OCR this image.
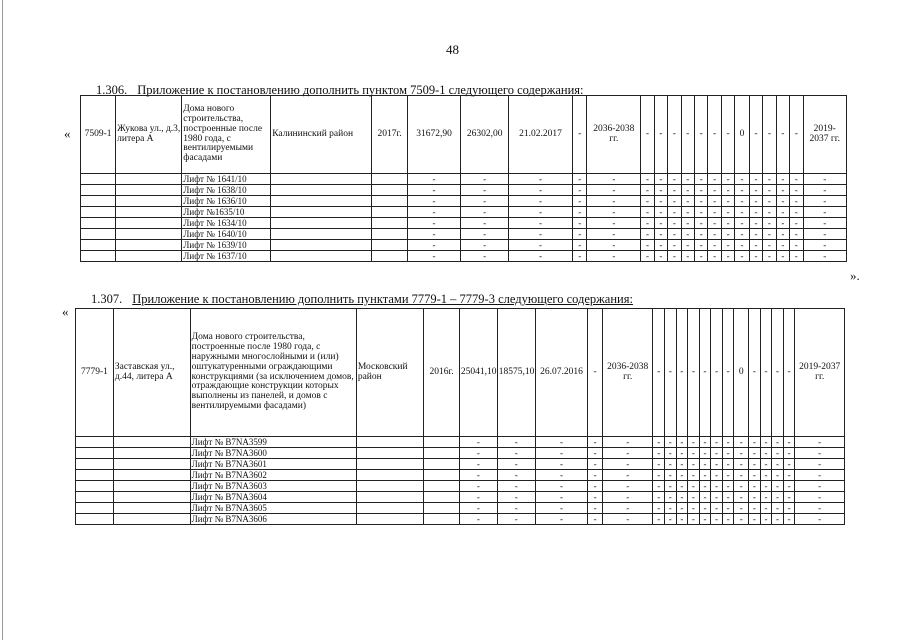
48
1.306. Приложение к постановлению дополнить пунктом 7509-1 следующего содержания:
«
».
7509-1	Жукова ул., д.3, литера А	Дома нового строительства, построенные после 1980 года, с вентилируемыми фасадами	Калининский район	2017г.	31672,90	26302,00	21.02.2017	-	2036-2038 гг.	-	-	-	-	-	-	-	0	-	-	-	-	2019-2037 гг.
		Лифт № 1641/10			-	-	-	-	-	-	-	-	-	-	-	-	-	-	-	-	-	-
		Лифт № 1638/10			-	-	-	-	-	-	-	-	-	-	-	-	-	-	-	-	-	-
		Лифт № 1636/10			-	-	-	-	-	-	-	-	-	-	-	-	-	-	-	-	-	-
		Лифт №1635/10			-	-	-	-	-	-	-	-	-	-	-	-	-	-	-	-	-	-
		Лифт № 1634/10			-	-	-	-	-	-	-	-	-	-	-	-	-	-	-	-	-	-
		Лифт № 1640/10			-	-	-	-	-	-	-	-	-	-	-	-	-	-	-	-	-	-
		Лифт № 1639/10			-	-	-	-	-	-	-	-	-	-	-	-	-	-	-	-	-	-
		Лифт № 1637/10			-	-	-	-	-	-	-	-	-	-	-	-	-	-	-	-	-	-
1.307. Приложение к постановлению дополнить пунктами 7779-1 – 7779-3 следующего содержания:
«
7779-1	Заставская ул., д.44, литера А	Дома нового строительства, построенные после 1980 года, с наружными многослойными и (или) оштукатуренными ограждающими конструкциями (за исключением домов, отраждающие конструкции которых выполнены из панелей, и домов с вентилируемыми фасадами)	Московский район	2016г.	25041,10	18575,10	26.07.2016	-	2036-2038 гг.	-	-	-	-	-	-	-	0	-	-	-	-	2019-2037 гг.
		Лифт № B7NA3599			-	-	-	-	-	-	-	-	-	-	-	-	-	-	-	-	-	-
		Лифт № B7NA3600			-	-	-	-	-	-	-	-	-	-	-	-	-	-	-	-	-	-
		Лифт № B7NA3601			-	-	-	-	-	-	-	-	-	-	-	-	-	-	-	-	-	-
		Лифт № B7NA3602			-	-	-	-	-	-	-	-	-	-	-	-	-	-	-	-	-	-
		Лифт № B7NA3603			-	-	-	-	-	-	-	-	-	-	-	-	-	-	-	-	-	-
		Лифт № B7NA3604			-	-	-	-	-	-	-	-	-	-	-	-	-	-	-	-	-	-
		Лифт № B7NA3605			-	-	-	-	-	-	-	-	-	-	-	-	-	-	-	-	-	-
		Лифт № B7NA3606			-	-	-	-	-	-	-	-	-	-	-	-	-	-	-	-	-	-
